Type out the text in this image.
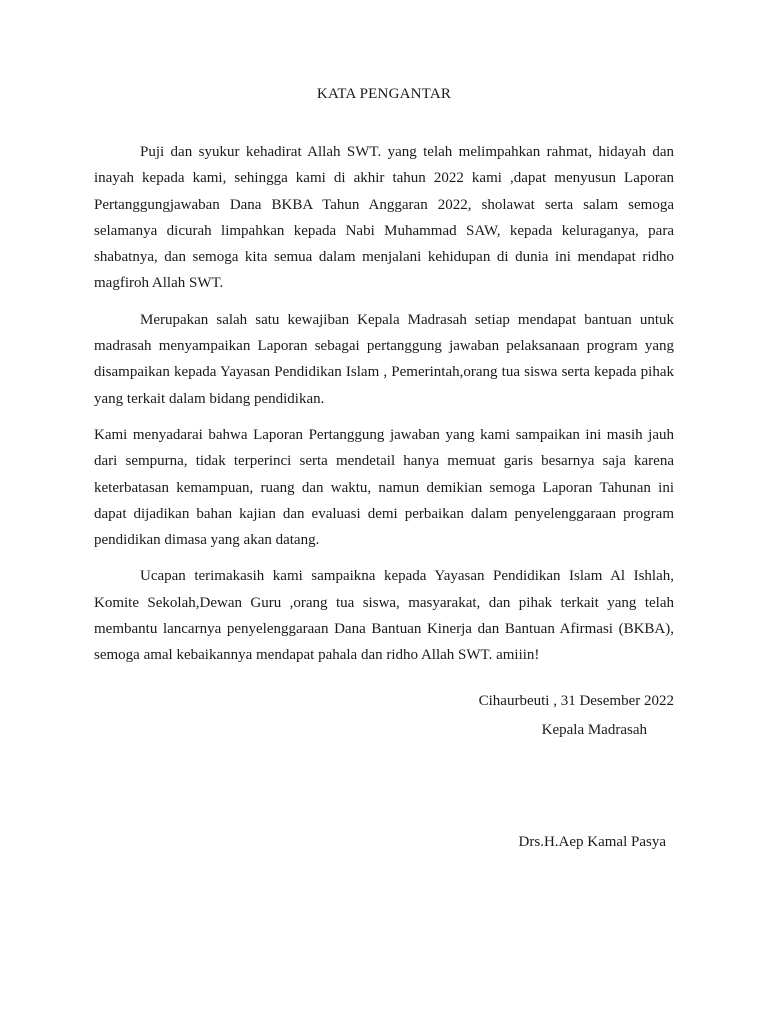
KATA PENGANTAR

Puji dan syukur kehadirat Allah SWT. yang telah melimpahkan rahmat, hidayah dan inayah kepada kami, sehingga kami di akhir tahun 2022 kami ,dapat menyusun Laporan Pertanggungjawaban Dana BKBA Tahun Anggaran 2022, sholawat serta salam semoga selamanya dicurah limpahkan kepada Nabi Muhammad SAW, kepada keluraganya, para shabatnya, dan semoga kita semua dalam menjalani kehidupan di dunia ini mendapat ridho magfiroh Allah SWT.

Merupakan salah satu kewajiban Kepala Madrasah setiap mendapat bantuan untuk madrasah menyampaikan Laporan sebagai pertanggung jawaban pelaksanaan program yang disampaikan kepada Yayasan Pendidikan Islam , Pemerintah,orang tua siswa serta kepada pihak yang terkait dalam bidang pendidikan.

Kami menyadarai bahwa Laporan Pertanggung jawaban yang kami sampaikan ini masih jauh dari sempurna, tidak terperinci serta mendetail hanya memuat garis besarnya saja karena keterbatasan kemampuan, ruang dan waktu, namun demikian semoga Laporan Tahunan ini dapat dijadikan bahan kajian dan evaluasi demi perbaikan dalam penyelenggaraan program pendidikan dimasa yang akan datang.

Ucapan terimakasih kami sampaikna kepada Yayasan Pendidikan Islam Al Ishlah, Komite Sekolah,Dewan Guru ,orang tua siswa, masyarakat, dan pihak terkait yang telah membantu lancarnya penyelenggaraan Dana Bantuan Kinerja dan Bantuan Afirmasi (BKBA), semoga amal kebaikannya mendapat pahala dan ridho Allah SWT. amiiin!

Cihaurbeuti , 31 Desember 2022
Kepala Madrasah
Drs.H.Aep Kamal Pasya
